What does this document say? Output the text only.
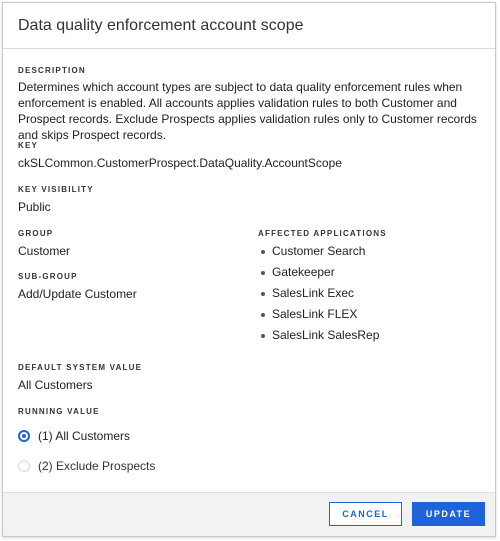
Data quality enforcement account scope
DESCRIPTION
Determines which account types are subject to data quality enforcement rules when enforcement is enabled. All accounts applies validation rules to both Customer and Prospect records. Exclude Prospects applies validation rules only to Customer records and skips Prospect records.
KEY
ckSLCommon.CustomerProspect.DataQuality.AccountScope
KEY VISIBILITY
Public
GROUP
Customer
SUB-GROUP
Add/Update Customer
AFFECTED APPLICATIONS
Customer Search
Gatekeeper
SalesLink Exec
SalesLink FLEX
SalesLink SalesRep
DEFAULT SYSTEM VALUE
All Customers
RUNNING VALUE
(1) All Customers
(2) Exclude Prospects
CANCEL	UPDATE
